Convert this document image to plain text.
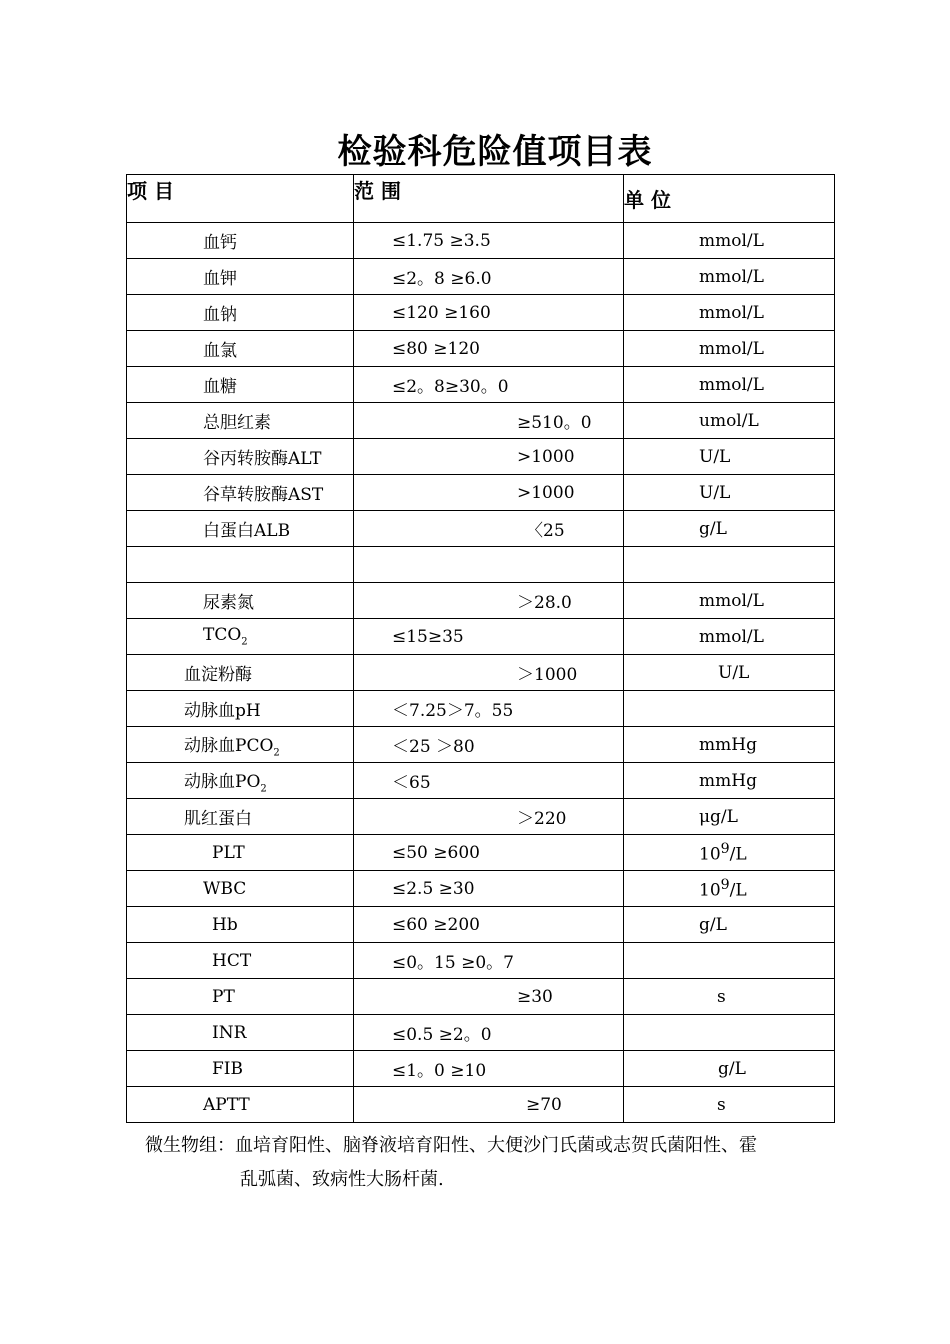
检验科危险值项目表
项 目	范 围	单 位
血钙	≤1.75 ≥3.5	mmol/L
血钾	≤2。8 ≥6.0	mmol/L
血钠	≤120 ≥160	mmol/L
血氯	≤80 ≥120	mmol/L
血糖	≤2。8≥30。0	mmol/L
总胆红素	≥510。0	umol/L
谷丙转胺酶ALT	>1000	U/L
谷草转胺酶AST	>1000	U/L
白蛋白ALB	〈25	g/L

尿素氮	＞28.0	mmol/L
$TCO_2$	≤15≥35	mmol/L
血淀粉酶	＞1000	U/L
动脉血pH	＜7.25＞7。55	
动脉血$PCO_2$	＜25 ＞80	mmHg
动脉血$PO_2$	＜65	mmHg
肌红蛋白	＞220	μg/L
PLT	≤50 ≥600	$10^9/L$
WBC	≤2.5 ≥30	$10^9/L$
Hb	≤60 ≥200	g/L
HCT	≤0。15 ≥0。7	
PT	≥30	s
INR	≤0.5 ≥2。0	
FIB	≤1。0 ≥10	g/L
APTT	≥70	s
微生物组：血培育阳性、脑脊液培育阳性、大便沙门氏菌或志贺氏菌阳性、霍
乱弧菌、致病性大肠杆菌.
